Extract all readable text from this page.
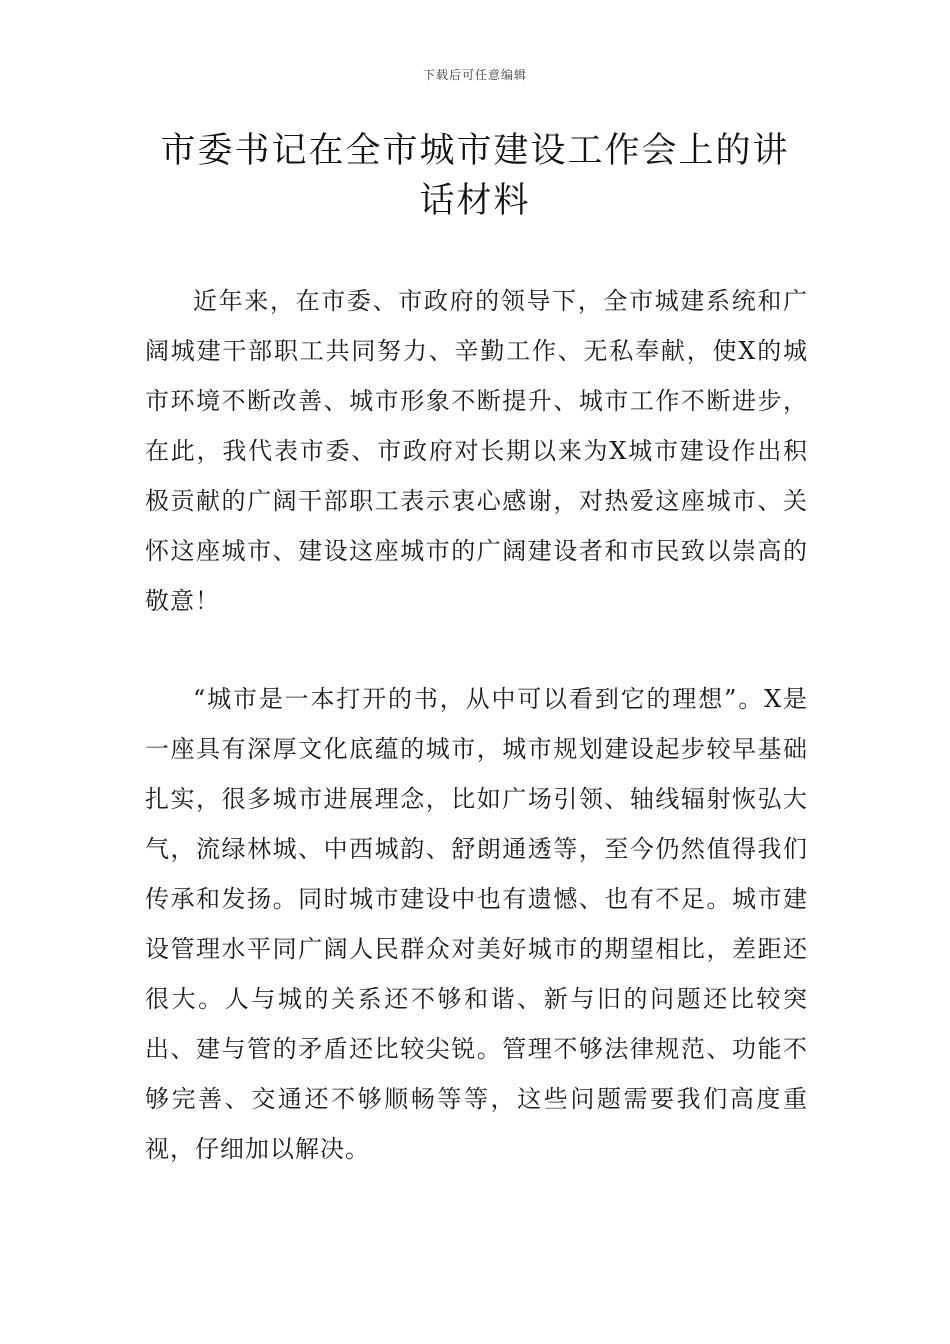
下载后可任意编辑
市委书记在全市城市建设工作会上的讲话材料

近年来，在市委、市政府的领导下，全市城建系统和广阔城建干部职工共同努力、辛勤工作、无私奉献，使X的城市环境不断改善、城市形象不断提升、城市工作不断进步，在此，我代表市委、市政府对长期以来为X城市建设作出积极贡献的广阔干部职工表示衷心感谢，对热爱这座城市、关怀这座城市、建设这座城市的广阔建设者和市民致以崇高的敬意！

“城市是一本打开的书，从中可以看到它的理想”。X是一座具有深厚文化底蕴的城市，城市规划建设起步较早基础扎实，很多城市进展理念，比如广场引领、轴线辐射恢弘大气，流绿林城、中西城韵、舒朗通透等，至今仍然值得我们传承和发扬。同时城市建设中也有遗憾、也有不足。城市建设管理水平同广阔人民群众对美好城市的期望相比，差距还很大。人与城的关系还不够和谐、新与旧的问题还比较突出、建与管的矛盾还比较尖锐。管理不够法律规范、功能不够完善、交通还不够顺畅等等，这些问题需要我们高度重视，仔细加以解决。
